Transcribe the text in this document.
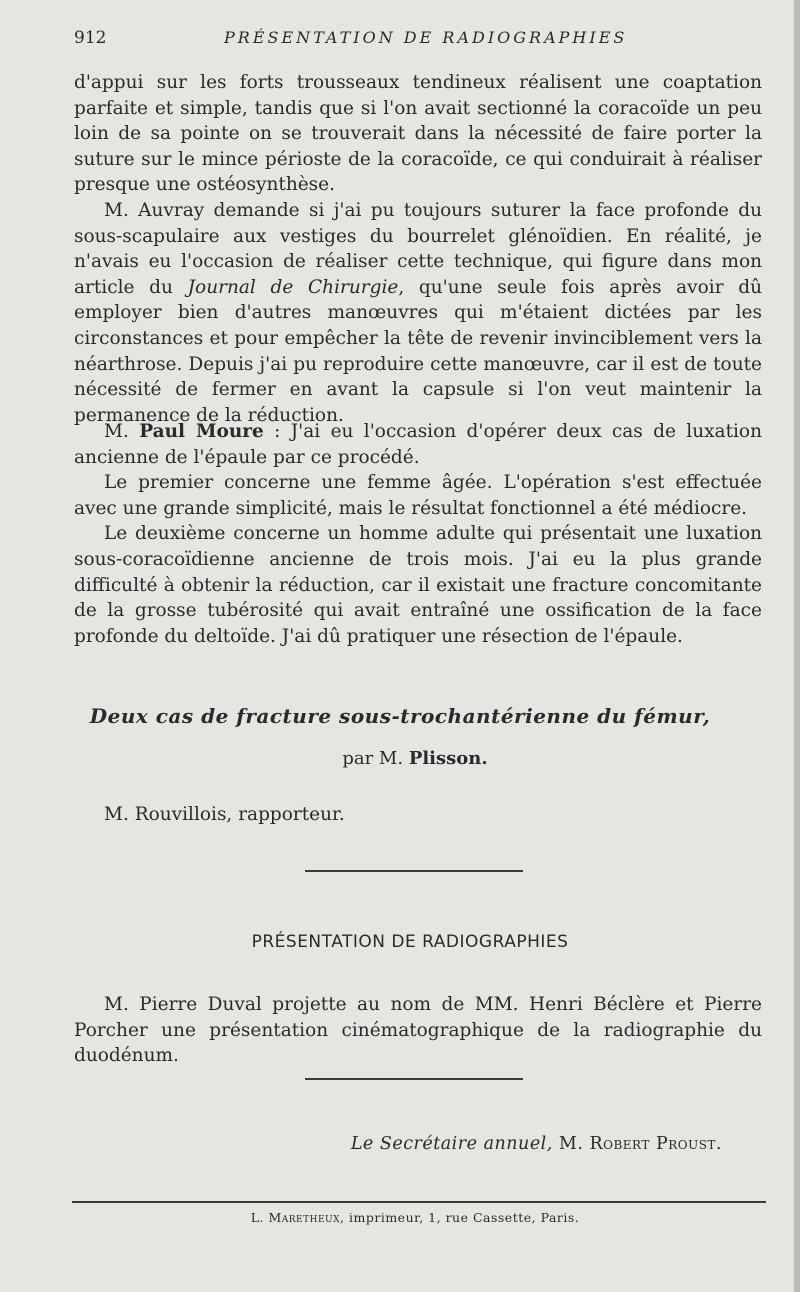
912	PRÉSENTATION DE RADIOGRAPHIES

d'appui sur les forts trousseaux tendineux réalisent une coaptation parfaite et simple, tandis que si l'on avait sectionné la coracoïde un peu loin de sa pointe on se trouverait dans la nécessité de faire porter la suture sur le mince périoste de la coracoïde, ce qui conduirait à réaliser presque une ostéosynthèse.

M. Auvray demande si j'ai pu toujours suturer la face profonde du sous-scapulaire aux vestiges du bourrelet glénoïdien. En réalité, je n'avais eu l'occasion de réaliser cette technique, qui figure dans mon article du Journal de Chirurgie, qu'une seule fois après avoir dû employer bien d'autres manœuvres qui m'étaient dictées par les circonstances et pour empêcher la tête de revenir invinciblement vers la néarthrose. Depuis j'ai pu reproduire cette manœuvre, car il est de toute nécessité de fermer en avant la capsule si l'on veut maintenir la permanence de la réduction.

M. Paul Moure : J'ai eu l'occasion d'opérer deux cas de luxation ancienne de l'épaule par ce procédé.

Le premier concerne une femme âgée. L'opération s'est effectuée avec une grande simplicité, mais le résultat fonctionnel a été médiocre.

Le deuxième concerne un homme adulte qui présentait une luxation sous-coracoïdienne ancienne de trois mois. J'ai eu la plus grande difficulté à obtenir la réduction, car il existait une fracture concomitante de la grosse tubérosité qui avait entraîné une ossification de la face profonde du deltoïde. J'ai dû pratiquer une résection de l'épaule.

Deux cas de fracture sous-trochantérienne du fémur,
par M. Plisson.
M. Rouvillois, rapporteur.
PRÉSENTATION DE RADIOGRAPHIES

M. Pierre Duval projette au nom de MM. Henri Béclère et Pierre Porcher une présentation cinématographique de la radiographie du duodénum.

Le Secrétaire annuel, M. Robert Proust.
L. Maretheux, imprimeur, 1, rue Cassette, Paris.
